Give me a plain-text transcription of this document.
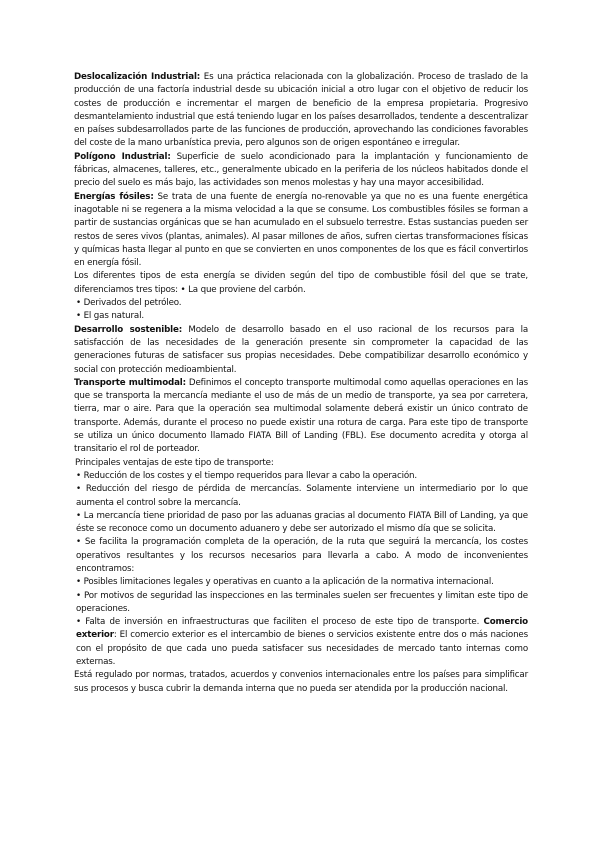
Deslocalización Industrial: Es una práctica relacionada con la globalización. Proceso de traslado de la producción de una factoría industrial desde su ubicación inicial a otro lugar con el objetivo de reducir los costes de producción e incrementar el margen de beneficio de la empresa propietaria. Progresivo desmantelamiento industrial que está teniendo lugar en los países desarrollados, tendente a descentralizar en países subdesarrollados parte de las funciones de producción, aprovechando las condiciones favorables del coste de la mano urbanística previa, pero algunos son de origen espontáneo e irregular.

Polígono Industrial: Superficie de suelo acondicionado para la implantación y funcionamiento de fábricas, almacenes, talleres, etc., generalmente ubicado en la periferia de los núcleos habitados donde el precio del suelo es más bajo, las actividades son menos molestas y hay una mayor accesibilidad.

Energías fósiles: Se trata de una fuente de energía no-renovable ya que no es una fuente energética inagotable ni se regenera a la misma velocidad a la que se consume. Los combustibles fósiles se forman a partir de sustancias orgánicas que se han acumulado en el subsuelo terrestre. Estas sustancias pueden ser restos de seres vivos (plantas, animales). Al pasar millones de años, sufren ciertas transformaciones físicas y químicas hasta llegar al punto en que se convierten en unos componentes de los que es fácil convertirlos en energía fósil.

Los diferentes tipos de esta energía se dividen según del tipo de combustible fósil del que se trate, diferenciamos tres tipos: • La que proviene del carbón.

• Derivados del petróleo.

• El gas natural.

Desarrollo sostenible: Modelo de desarrollo basado en el uso racional de los recursos para la satisfacción de las necesidades de la generación presente sin comprometer la capacidad de las generaciones futuras de satisfacer sus propias necesidades. Debe compatibilizar desarrollo económico y social con protección medioambiental.

Transporte multimodal: Definimos el concepto transporte multimodal como aquellas operaciones en las que se transporta la mercancía mediante el uso de más de un medio de transporte, ya sea por carretera, tierra, mar o aire. Para que la operación sea multimodal solamente deberá existir un único contrato de transporte. Además, durante el proceso no puede existir una rotura de carga. Para este tipo de transporte se utiliza un único documento llamado FIATA Bill of Landing (FBL). Ese documento acredita y otorga al transitario el rol de porteador.

Principales ventajas de este tipo de transporte:

• Reducción de los costes y el tiempo requeridos para llevar a cabo la operación.

• Reducción del riesgo de pérdida de mercancías. Solamente interviene un intermediario por lo que aumenta el control sobre la mercancía.

• La mercancía tiene prioridad de paso por las aduanas gracias al documento FIATA Bill of Landing, ya que éste se reconoce como un documento aduanero y debe ser autorizado el mismo día que se solicita.

• Se facilita la programación completa de la operación, de la ruta que seguirá la mercancía, los costes operativos resultantes y los recursos necesarios para llevarla a cabo. A modo de inconvenientes encontramos:

• Posibles limitaciones legales y operativas en cuanto a la aplicación de la normativa internacional.

• Por motivos de seguridad las inspecciones en las terminales suelen ser frecuentes y limitan este tipo de operaciones.

• Falta de inversión en infraestructuras que faciliten el proceso de este tipo de transporte. Comercio exterior: El comercio exterior es el intercambio de bienes o servicios existente entre dos o más naciones con el propósito de que cada uno pueda satisfacer sus necesidades de mercado tanto internas como externas.

Está regulado por normas, tratados, acuerdos y convenios internacionales entre los países para simplificar sus procesos y busca cubrir la demanda interna que no pueda ser atendida por la producción nacional.
